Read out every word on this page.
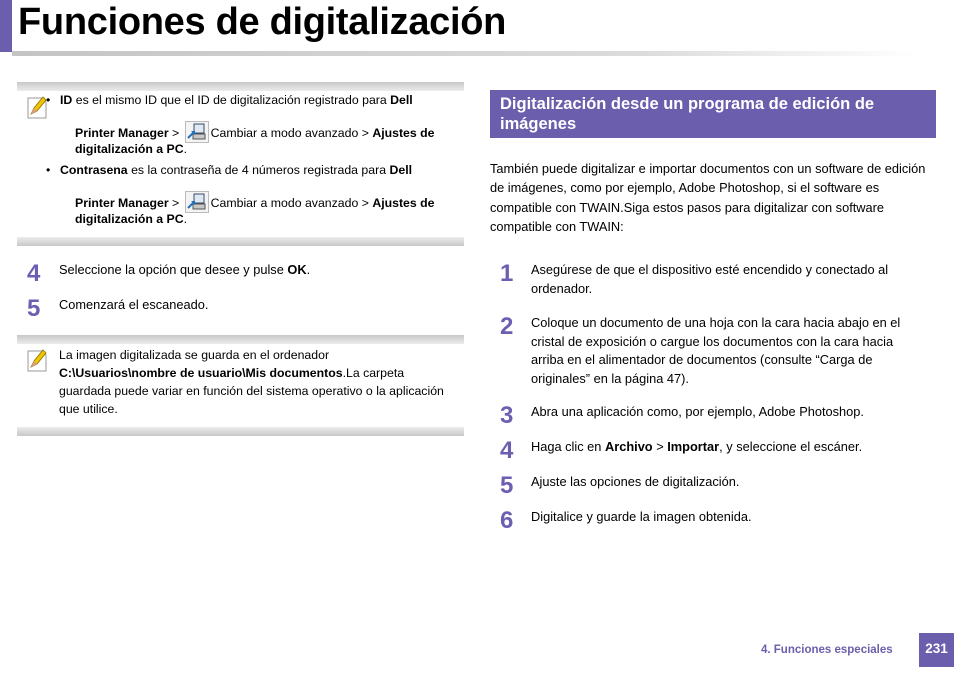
Funciones de digitalización
• ID es el mismo ID que el ID de digitalización registrado para Dell
Printer Manager > Cambiar a modo avanzado > Ajustes de
digitalización a PC.
• Contrasena es la contraseña de 4 números registrada para Dell
Printer Manager > Cambiar a modo avanzado > Ajustes de
digitalización a PC.
4 Seleccione la opción que desee y pulse OK.
5 Comenzará el escaneado.
La imagen digitalizada se guarda en el ordenador
C:\Usuarios\nombre de usuario\Mis documentos.La carpeta
guardada puede variar en función del sistema operativo o la aplicación
que utilice.
Digitalización desde un programa de edición de imágenes
También puede digitalizar e importar documentos con un software de edición de imágenes, como por ejemplo, Adobe Photoshop, si el software es compatible con TWAIN.Siga estos pasos para digitalizar con software compatible con TWAIN:
1 Asegúrese de que el dispositivo esté encendido y conectado al
ordenador.
2 Coloque un documento de una hoja con la cara hacia abajo en el
cristal de exposición o cargue los documentos con la cara hacia
arriba en el alimentador de documentos (consulte “Carga de
originales” en la página 47).
3 Abra una aplicación como, por ejemplo, Adobe Photoshop.
4 Haga clic en Archivo > Importar, y seleccione el escáner.
5 Ajuste las opciones de digitalización.
6 Digitalice y guarde la imagen obtenida.
4. Funciones especiales	231
